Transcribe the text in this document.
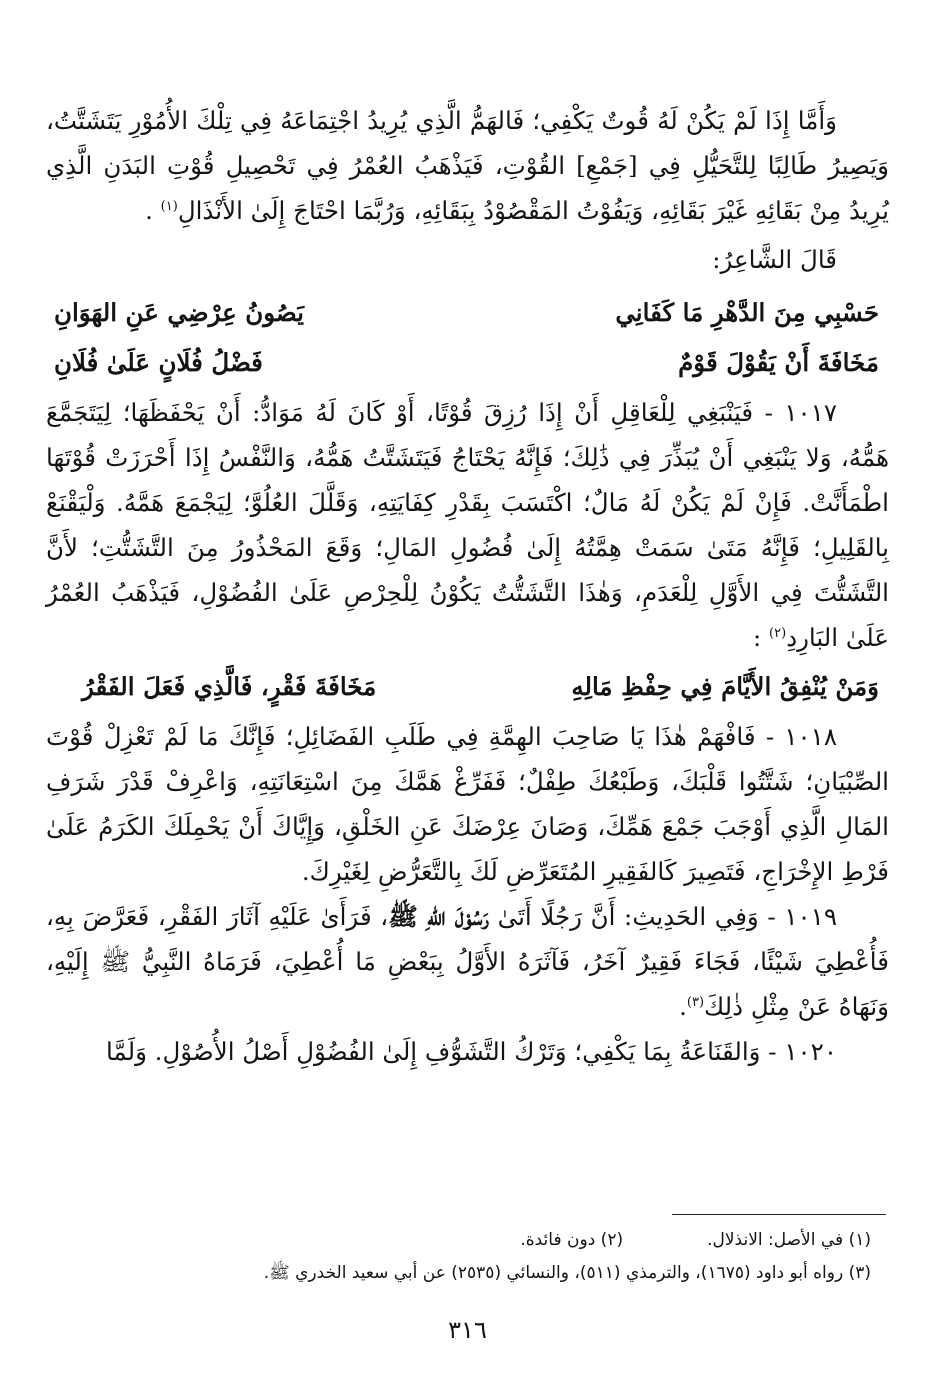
وَأَمَّا إِذَا لَمْ يَكُنْ لَهُ قُوتٌ يَكْفِي؛ فَالهَمُّ الَّذِي يُرِيدُ اجْتِمَاعَهُ فِي تِلْكَ الأُمُوْرِ يَتَشَتَّتُ، وَيَصِيرُ طَالِبًا لِلتَّحَيُّلِ فِي [جَمْعِ] القُوْتِ، فَيَذْهَبُ العُمْرُ فِي تَحْصِيلِ قُوْتِ البَدَنِ الَّذِي يُرِيدُ مِنْ بَقَائِهِ غَيْرَ بَقَائِهِ، وَيَفُوْتُ المَقْصُوْدُ بِبَقَائِهِ، وَرُبَّمَا احْتَاجَ إِلَىٰ الأَنْذَالِ$^{(١)}$ .

قَالَ الشَّاعِرُ:

حَسْبِي مِنَ الدَّهْرِ مَا كَفَانِي
يَصُونُ عِرْضِي عَنِ الهَوَانِ
مَخَافَةَ أَنْ يَقُوْلَ قَوْمٌ
فَضْلُ فُلَانٍ عَلَىٰ فُلَانِ

١٠١٧ - فَيَنْبَغِي لِلْعَاقِلِ أَنْ إِذَا رُزِقَ قُوْتًا، أَوْ كَانَ لَهُ مَوَادُّ: أَنْ يَحْفَظَهَا؛ لِيَتَجَمَّعَ هَمُّهُ، وَلا يَنْبَغِي أَنْ يُبَذِّرَ فِي ذَٰلِكَ؛ فَإِنَّهُ يَحْتَاجُ فَيَتَشَتَّتُ هَمُّهُ، وَالنَّفْسُ إِذَا أَحْرَزَتْ قُوْتَهَا اطْمَأَنَّتْ. فَإِنْ لَمْ يَكُنْ لَهُ مَالٌ؛ اكْتَسَبَ بِقَدْرِ كِفَايَتِهِ، وَقَلَّلَ العُلُوَّ؛ لِيَجْمَعَ هَمَّهُ. وَلْيَقْنَعْ بِالقَلِيلِ؛ فَإِنَّهُ مَتَىٰ سَمَتْ هِمَّتُهُ إِلَىٰ فُضُولِ المَالِ؛ وَقَعَ المَحْذُورُ مِنَ التَّشَتُّتِ؛ لأَنَّ التَّشَتُّتَ فِي الأَوَّلِ لِلْعَدَمِ، وَهٰذَا التَّشَتُّتُ يَكُوْنُ لِلْحِرْصِ عَلَىٰ الفُضُوْلِ، فَيَذْهَبُ العُمْرُ عَلَىٰ البَارِدِ$^{(٢)}$ :

وَمَنْ يُنْفِقُ الأَيَّامَ فِي حِفْظِ مَالِهِ
مَخَافَةَ فَقْرٍ، فَالَّذِي فَعَلَ الفَقْرُ

١٠١٨ - فَافْهَمْ هٰذَا يَا صَاحِبَ الهِمَّةِ فِي طَلَبِ الفَضَائِلِ؛ فَإِنَّكَ مَا لَمْ تَعْزِلْ قُوْتَ الصِّبْيَانِ؛ شَتَّتُوا قَلْبَكَ، وَطَبْعُكَ طِفْلٌ؛ فَفَرِّغْ هَمَّكَ مِنَ اسْتِعَانَتِهِ، وَاعْرِفْ قَدْرَ شَرَفِ المَالِ الَّذِي أَوْجَبَ جَمْعَ هَمِّكَ، وَصَانَ عِرْضَكَ عَنِ الخَلْقِ، وَإِيَّاكَ أَنْ يَحْمِلَكَ الكَرَمُ عَلَىٰ فَرْطِ الإِخْرَاجِ، فَتَصِيرَ كَالفَقِيرِ المُتَعَرِّضِ لَكَ بِالتَّعَرُّضِ لِغَيْرِكَ.

١٠١٩ - وَفِي الحَدِيثِ: أَنَّ رَجُلًا أَتَىٰ رَسُوْلَ اللهِ ﷺ، فَرَأَىٰ عَلَيْهِ آثَارَ الفَقْرِ، فَعَرَّضَ بِهِ، فَأُعْطِيَ شَيْئًا، فَجَاءَ فَقِيرٌ آخَرُ، فَآثَرَهُ الأَوَّلُ بِبَعْضِ مَا أُعْطِيَ، فَرَمَاهُ النَّبِيُّ ﷺ إِلَيْهِ، وَنَهَاهُ عَنْ مِثْلِ ذٰلِكَ$^{(٣)}$.

١٠٢٠ - وَالقَنَاعَةُ بِمَا يَكْفِي؛ وَتَرْكُ التَّشَوُّفِ إِلَىٰ الفُضُوْلِ أَصْلُ الأُصُوْلِ. وَلَمَّا

(١) في الأصل: الانذلال.
(٢) دون فائدة.
(٣) رواه أبو داود (١٦٧٥)، والترمذي (٥١١)، والنسائي (٢٥٣٥) عن أبي سعيد الخدري ﷺ.
٣١٦
